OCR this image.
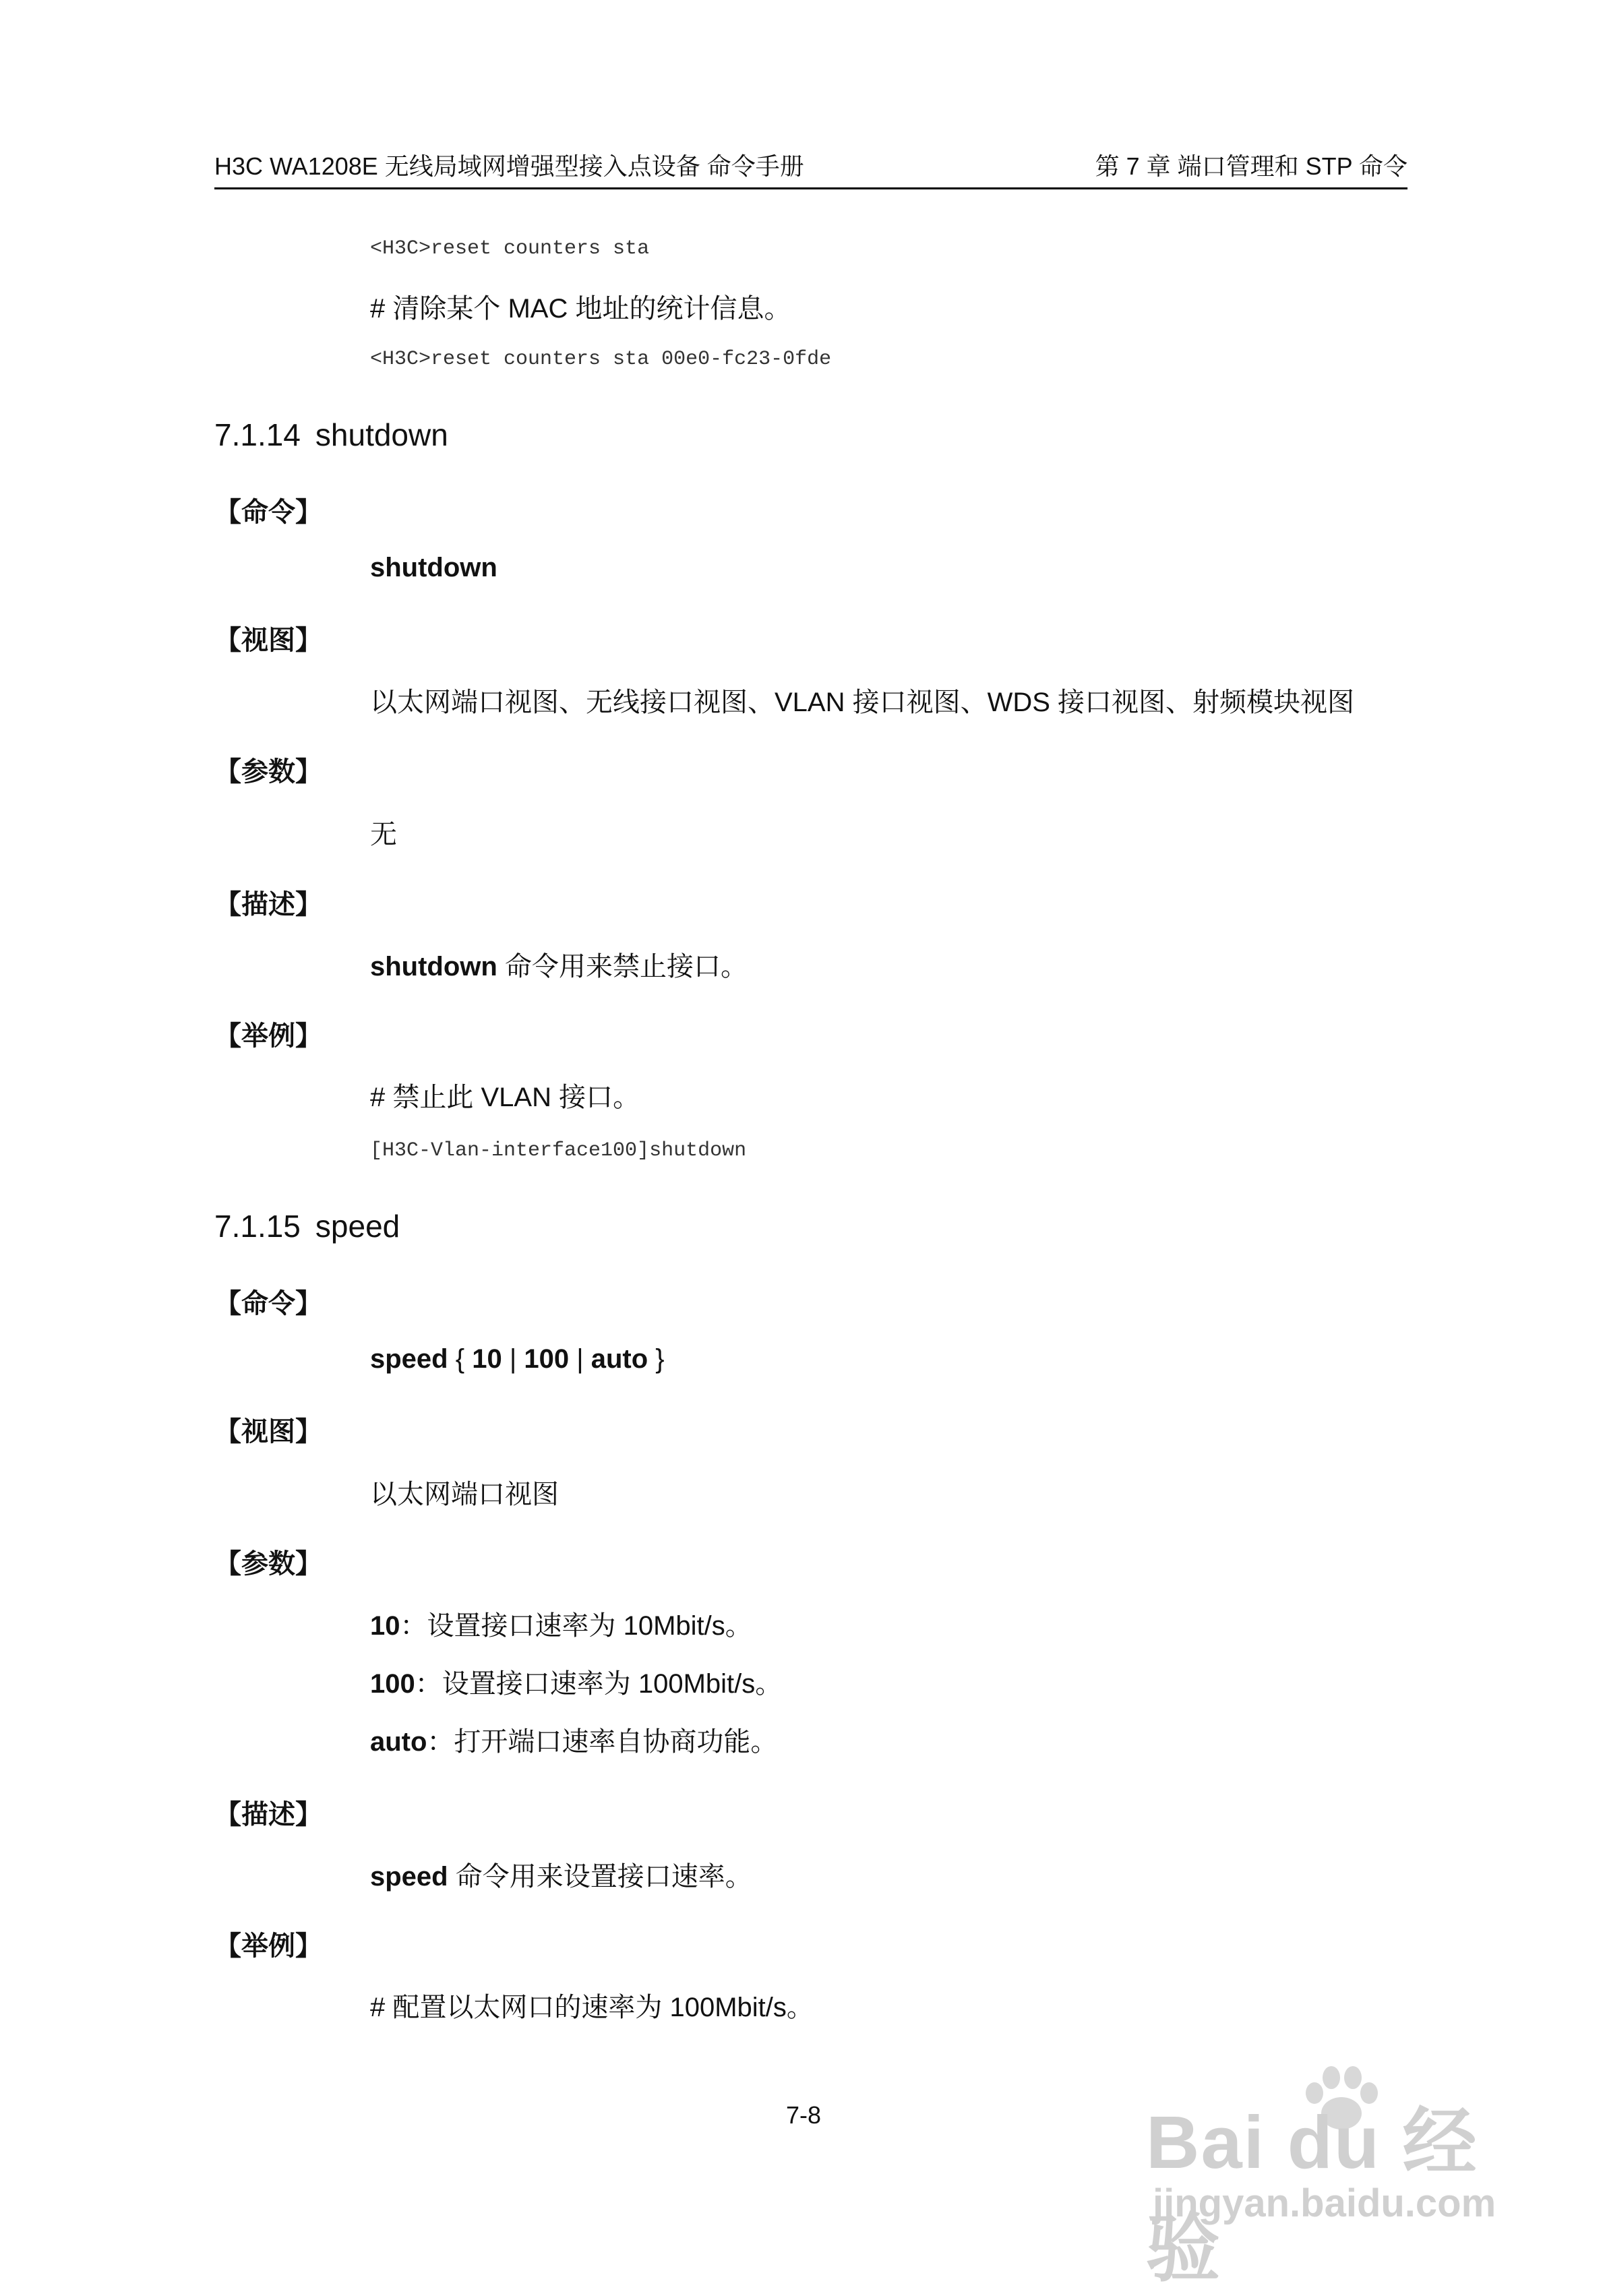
H3C WA1208E 无线局域网增强型接入点设备 命令手册	第 7 章 端口管理和 STP 命令
<H3C>reset counters sta
# 清除某个 MAC 地址的统计信息。
<H3C>reset counters sta 00e0-fc23-0fde
7.1.14 shutdown
【命令】
shutdown
【视图】
以太网端口视图、无线接口视图、VLAN 接口视图、WDS 接口视图、射频模块视图
【参数】
无
【描述】
shutdown 命令用来禁止接口。
【举例】
# 禁止此 VLAN 接口。
[H3C-Vlan-interface100]shutdown
7.1.15 speed
【命令】
speed { 10 | 100 | auto }
【视图】
以太网端口视图
【参数】
10：设置接口速率为 10Mbit/s。
100：设置接口速率为 100Mbit/s。
auto：打开端口速率自协商功能。
【描述】
speed 命令用来设置接口速率。
【举例】
# 配置以太网口的速率为 100Mbit/s。
7-8	Bai du 经验
jingyan.baidu.com
